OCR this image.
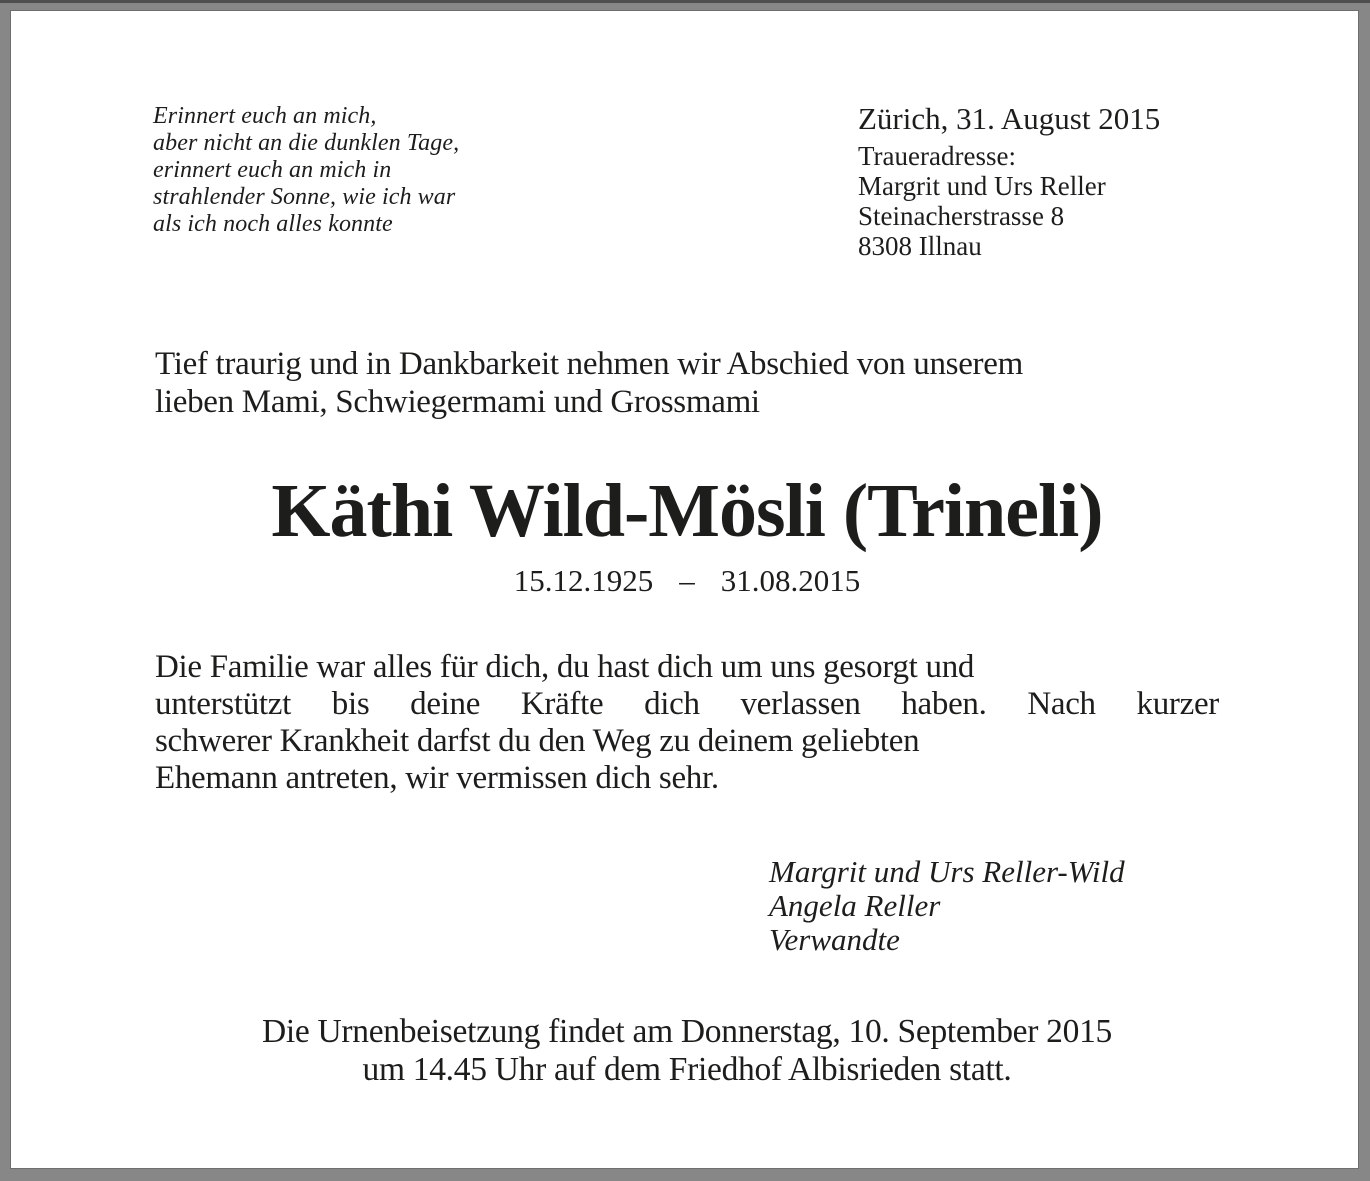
Erinnert euch an mich,
aber nicht an die dunklen Tage,
erinnert euch an mich in
strahlender Sonne, wie ich war
als ich noch alles konnte
Zürich, 31. August 2015
Traueradresse:
Margrit und Urs Reller
Steinacherstrasse 8
8308 Illnau
Tief traurig und in Dankbarkeit nehmen wir Abschied von unserem
lieben Mami, Schwiegermami und Grossmami
Käthi Wild-Mösli (Trineli)
15.12.1925 – 31.08.2015
Die Familie war alles für dich, du hast dich um uns gesorgt und
unterstützt bis deine Kräfte dich verlassen haben. Nach kurzer
schwerer Krankheit darfst du den Weg zu deinem geliebten
Ehemann antreten, wir vermissen dich sehr.
Margrit und Urs Reller-Wild
Angela Reller
Verwandte
Die Urnenbeisetzung findet am Donnerstag, 10. September 2015
um 14.45 Uhr auf dem Friedhof Albisrieden statt.
